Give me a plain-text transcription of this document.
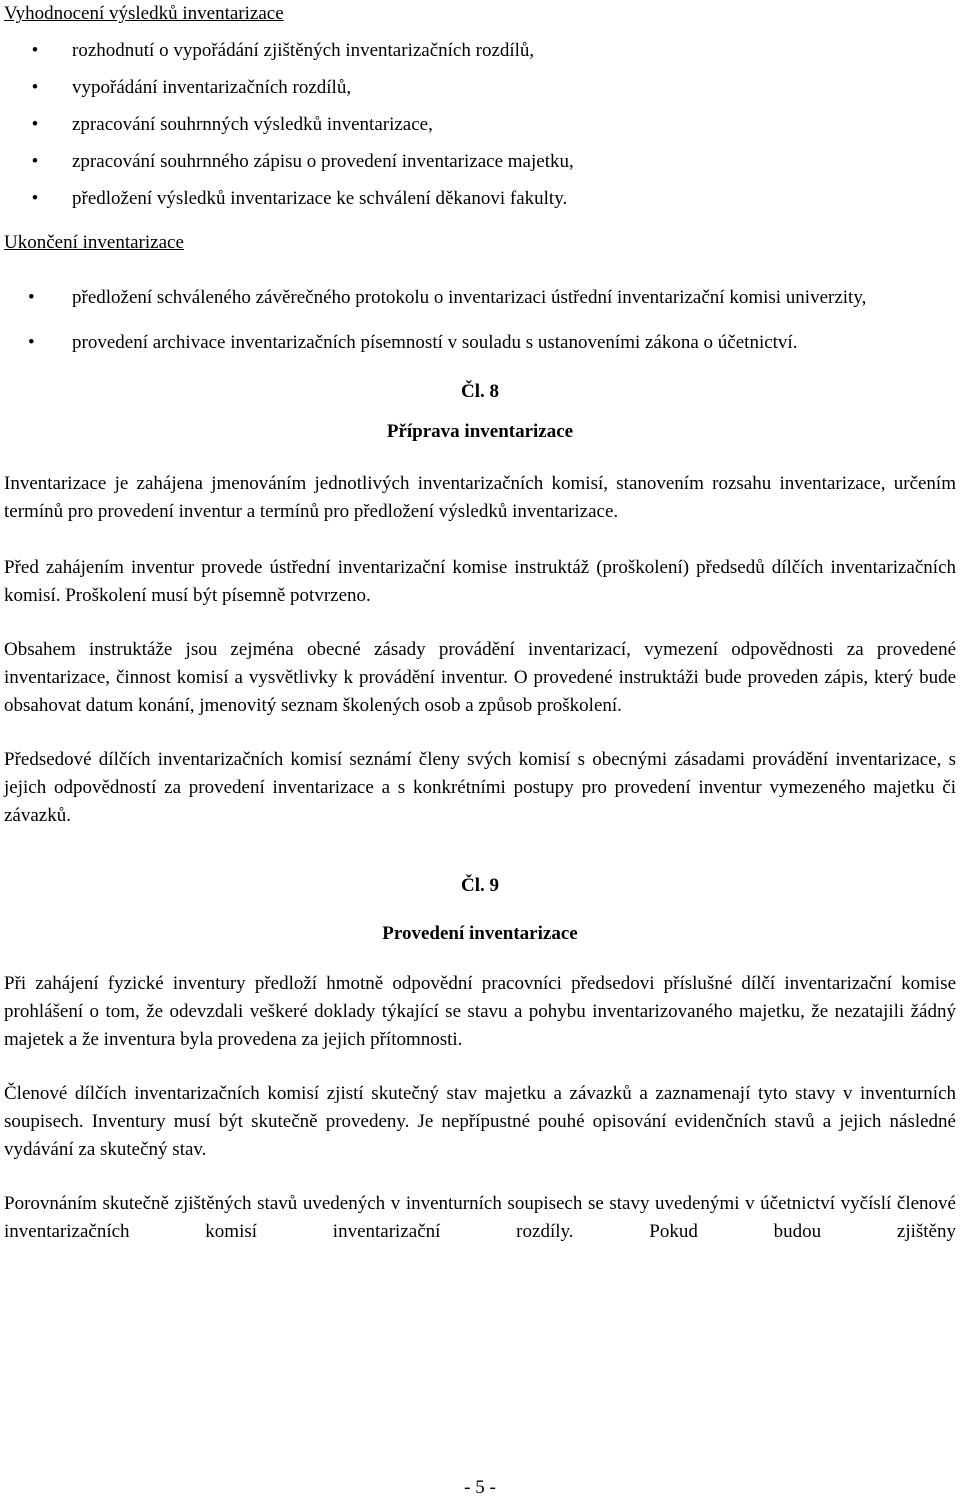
Vyhodnocení výsledků inventarizace
• rozhodnutí o vypořádání zjištěných inventarizačních rozdílů,
• vypořádání inventarizačních rozdílů,
• zpracování souhrnných výsledků inventarizace,
• zpracování souhrnného zápisu o provedení inventarizace majetku,
• předložení výsledků inventarizace ke schválení děkanovi fakulty.
Ukončení inventarizace
•	předložení schváleného závěrečného protokolu o inventarizaci ústřední inventarizační komisi univerzity,
•	provedení archivace inventarizačních písemností v souladu s ustanoveními zákona o účetnictví.

Čl. 8

Příprava inventarizace

Inventarizace je zahájena jmenováním jednotlivých inventarizačních komisí, stanovením rozsahu inventarizace, určením termínů pro provedení inventur a termínů pro předložení výsledků inventarizace.

Před zahájením inventur provede ústřední inventarizační komise instruktáž (proškolení) předsedů dílčích inventarizačních komisí. Proškolení musí být písemně potvrzeno.

Obsahem instruktáže jsou zejména obecné zásady provádění inventarizací, vymezení odpovědnosti za provedené inventarizace, činnost komisí a vysvětlivky k provádění inventur. O provedené instruktáži bude proveden zápis, který bude obsahovat datum konání, jmenovitý seznam školených osob a způsob proškolení.

Předsedové dílčích inventarizačních komisí seznámí členy svých komisí s obecnými zásadami provádění inventarizace, s jejich odpovědností za provedení inventarizace a s konkrétními postupy pro provedení inventur vymezeného majetku či závazků.

Čl. 9

Provedení inventarizace

Při zahájení fyzické inventury předloží hmotně odpovědní pracovníci předsedovi příslušné dílčí inventarizační komise prohlášení o tom, že odevzdali veškeré doklady týkající se stavu a pohybu inventarizovaného majetku, že nezatajili žádný majetek a že inventura byla provedena za jejich přítomnosti.

Členové dílčích inventarizačních komisí zjistí skutečný stav majetku a závazků a zaznamenají tyto stavy v inventurních soupisech. Inventury musí být skutečně provedeny. Je nepřípustné pouhé opisování evidenčních stavů a jejich následné vydávání za skutečný stav.

Porovnáním skutečně zjištěných stavů uvedených v inventurních soupisech se stavy uvedenými v účetnictví vyčíslí členové inventarizačních komisí inventarizační rozdíly. Pokud budou zjištěny

- 5 -
